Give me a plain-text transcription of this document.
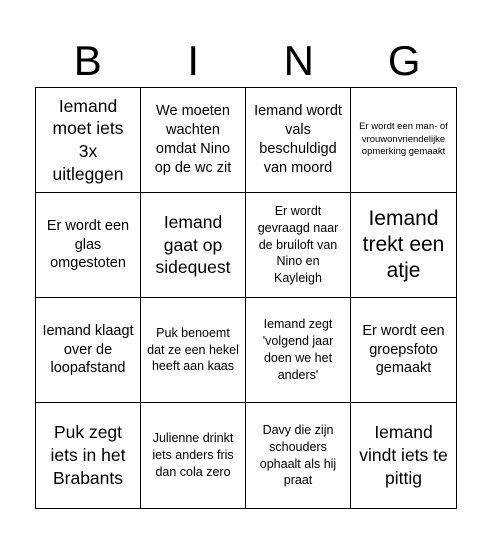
B	I	N	G
Iemand moet iets 3x uitleggen
We moeten wachten omdat Nino op de wc zit
Iemand wordt vals beschuldigd van moord
Er wordt een man- of vrouwonvriendelijke opmerking gemaakt
Er wordt een glas omgestoten
Iemand gaat op sidequest
Er wordt gevraagd naar de bruiloft van Nino en Kayleigh
Iemand trekt een atje
Iemand klaagt over de loopafstand
Puk benoemt dat ze een hekel heeft aan kaas
Iemand zegt 'volgend jaar doen we het anders'
Er wordt een groepsfoto gemaakt
Puk zegt iets in het Brabants
Julienne drinkt iets anders fris dan cola zero
Davy die zijn schouders ophaalt als hij praat
Iemand vindt iets te pittig
